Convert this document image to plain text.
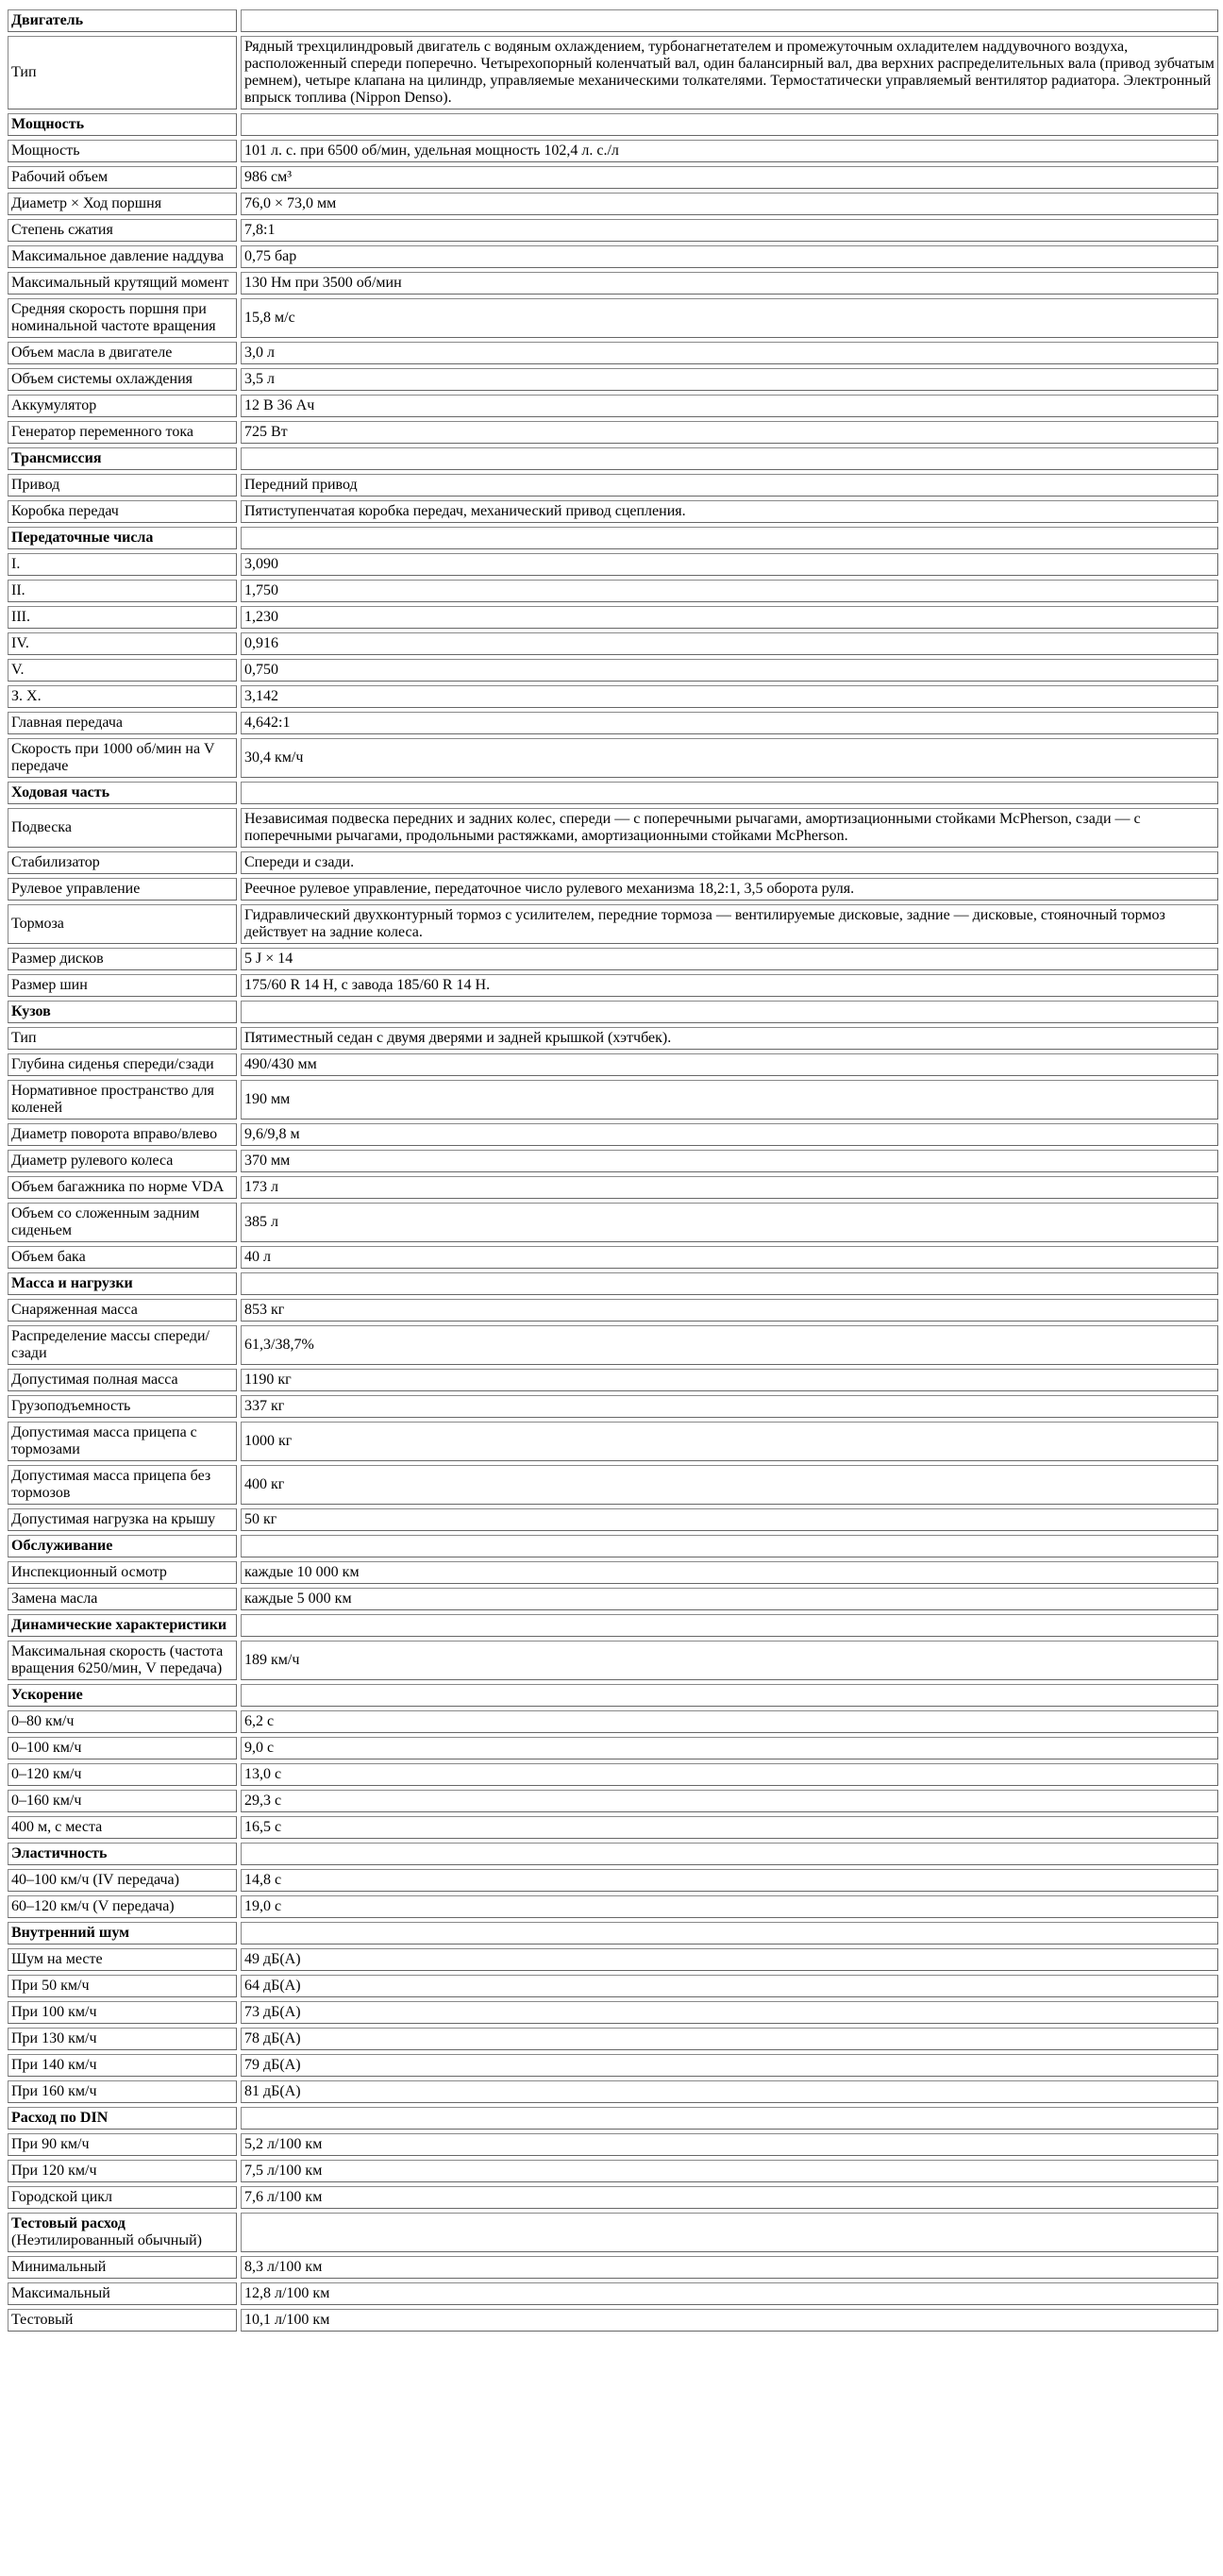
Двигатель	
Тип	Рядный трехцилиндровый двигатель с водяным охлаждением, турбонагнетателем и промежуточным охладителем наддувочного воздуха, расположенный спереди поперечно. Четырехопорный коленчатый вал, один балансирный вал, два верхних распределительных вала (привод зубчатым ремнем), четыре клапана на цилиндр, управляемые механическими толкателями. Термостатически управляемый вентилятор радиатора. Электронный впрыск топлива (Nippon Denso).
Мощность	
Мощность	101 л. с. при 6500 об/мин, удельная мощность 102,4 л. с./л
Рабочий объем	986 см³
Диаметр × Ход поршня	76,0 × 73,0 мм
Степень сжатия	7,8:1
Максимальное давление наддува	0,75 бар
Максимальный крутящий момент	130 Нм при 3500 об/мин
Средняя скорость поршня при номинальной частоте вращения	15,8 м/с
Объем масла в двигателе	3,0 л
Объем системы охлаждения	3,5 л
Аккумулятор	12 В 36 Ач
Генератор переменного тока	725 Вт
Трансмиссия	
Привод	Передний привод
Коробка передач	Пятиступенчатая коробка передач, механический привод сцепления.
Передаточные числа	
I.	3,090
II.	1,750
III.	1,230
IV.	0,916
V.	0,750
З. Х.	3,142
Главная передача	4,642:1
Скорость при 1000 об/мин на V передаче	30,4 км/ч
Ходовая часть	
Подвеска	Независимая подвеска передних и задних колес, спереди — с поперечными рычагами, амортизационными стойками McPherson, сзади — с поперечными рычагами, продольными растяжками, амортизационными стойками McPherson.
Стабилизатор	Спереди и сзади.
Рулевое управление	Реечное рулевое управление, передаточное число рулевого механизма 18,2:1, 3,5 оборота руля.
Тормоза	Гидравлический двухконтурный тормоз с усилителем, передние тормоза — вентилируемые дисковые, задние — дисковые, стояночный тормоз действует на задние колеса.
Размер дисков	5 J × 14
Размер шин	175/60 R 14 H, с завода 185/60 R 14 H.
Кузов	
Тип	Пятиместный седан с двумя дверями и задней крышкой (хэтчбек).
Глубина сиденья спереди/сзади	490/430 мм
Нормативное пространство для коленей	190 мм
Диаметр поворота вправо/влево	9,6/9,8 м
Диаметр рулевого колеса	370 мм
Объем багажника по норме VDA	173 л
Объем со сложенным задним сиденьем	385 л
Объем бака	40 л
Масса и нагрузки	
Снаряженная масса	853 кг
Распределение массы спереди/сзади	61,3/38,7%
Допустимая полная масса	1190 кг
Грузоподъемность	337 кг
Допустимая масса прицепа с тормозами	1000 кг
Допустимая масса прицепа без тормозов	400 кг
Допустимая нагрузка на крышу	50 кг
Обслуживание	
Инспекционный осмотр	каждые 10 000 км
Замена масла	каждые 5 000 км
Динамические характеристики	
Максимальная скорость (частота вращения 6250/мин, V передача)	189 км/ч
Ускорение	
0–80 км/ч	6,2 с
0–100 км/ч	9,0 с
0–120 км/ч	13,0 с
0–160 км/ч	29,3 с
400 м, с места	16,5 с
Эластичность	
40–100 км/ч (IV передача)	14,8 с
60–120 км/ч (V передача)	19,0 с
Внутренний шум	
Шум на месте	49 дБ(А)
При 50 км/ч	64 дБ(А)
При 100 км/ч	73 дБ(А)
При 130 км/ч	78 дБ(А)
При 140 км/ч	79 дБ(А)
При 160 км/ч	81 дБ(А)
Расход по DIN	
При 90 км/ч	5,2 л/100 км
При 120 км/ч	7,5 л/100 км
Городской цикл	7,6 л/100 км
Тестовый расход
(Неэтилированный обычный)	
Минимальный	8,3 л/100 км
Максимальный	12,8 л/100 км
Тестовый	10,1 л/100 км
